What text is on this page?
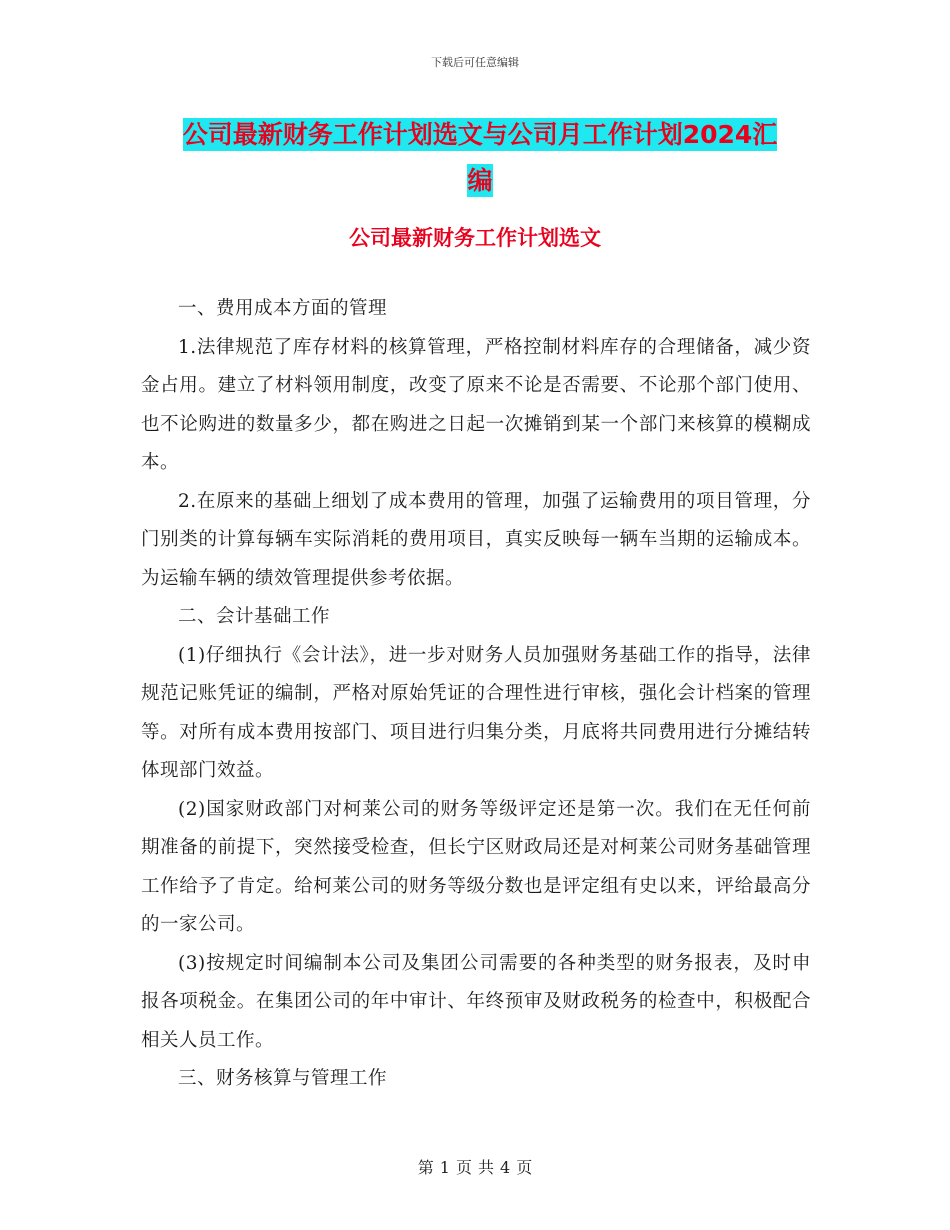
下载后可任意编辑
公司最新财务工作计划选文与公司月工作计划2024汇
编
公司最新财务工作计划选文

一、费用成本方面的管理

1.法律规范了库存材料的核算管理，严格控制材料库存的合理储备，减少资金占用。建立了材料领用制度，改变了原来不论是否需要、不论那个部门使用、也不论购进的数量多少，都在购进之日起一次摊销到某一个部门来核算的模糊成本。

2.在原来的基础上细划了成本费用的管理，加强了运输费用的项目管理，分门别类的计算每辆车实际消耗的费用项目，真实反映每一辆车当期的运输成本。为运输车辆的绩效管理提供参考依据。

二、会计基础工作

(1)仔细执行《会计法》，进一步对财务人员加强财务基础工作的指导，法律规范记账凭证的编制，严格对原始凭证的合理性进行审核，强化会计档案的管理等。对所有成本费用按部门、项目进行归集分类，月底将共同费用进行分摊结转体现部门效益。

(2)国家财政部门对柯莱公司的财务等级评定还是第一次。我们在无任何前期准备的前提下，突然接受检查，但长宁区财政局还是对柯莱公司财务基础管理工作给予了肯定。给柯莱公司的财务等级分数也是评定组有史以来，评给最高分的一家公司。

(3)按规定时间编制本公司及集团公司需要的各种类型的财务报表，及时申报各项税金。在集团公司的年中审计、年终预审及财政税务的检查中，积极配合相关人员工作。

三、财务核算与管理工作

第 1 页 共 4 页
